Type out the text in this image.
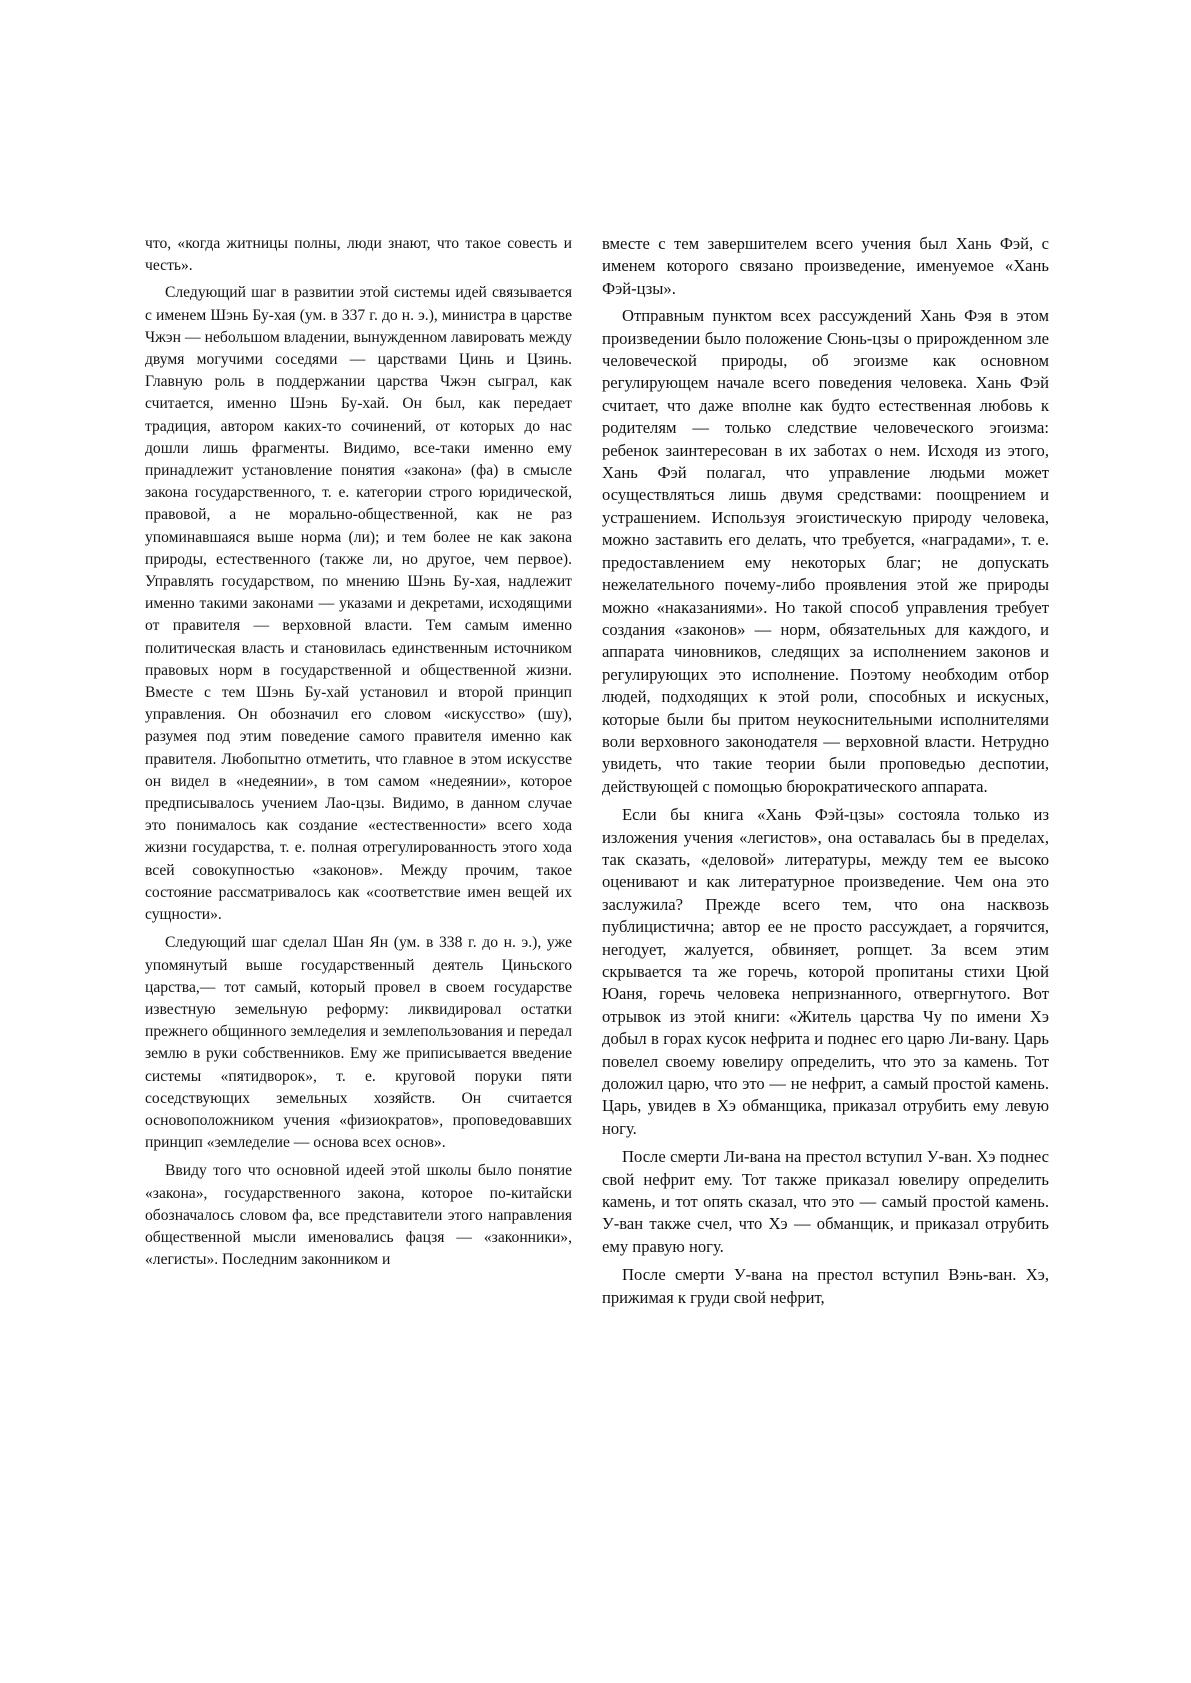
что, «когда житницы полны, люди знают, что такое совесть и честь».

Следующий шаг в развитии этой системы идей связывается с именем Шэнь Бу-хая (ум. в 337 г. до н. э.), министра в царстве Чжэн — небольшом владении, вынужденном лавировать между двумя могучими соседями — царствами Цинь и Цзинь. Главную роль в поддержании царства Чжэн сыграл, как считается, именно Шэнь Бу-хай. Он был, как передает традиция, автором каких-то сочинений, от которых до нас дошли лишь фрагменты. Видимо, все-таки именно ему принадлежит установление понятия «закона» (фа) в смысле закона государственного, т. е. категории строго юридической, правовой, а не морально-общественной, как не раз упоминавшаяся выше норма (ли); и тем более не как закона природы, естественного (также ли, но другое, чем первое). Управлять государством, по мнению Шэнь Бу-хая, надлежит именно такими законами — указами и декретами, исходящими от правителя — верховной власти. Тем самым именно политическая власть и становилась единственным источником правовых норм в государственной и общественной жизни. Вместе с тем Шэнь Бу-хай установил и второй принцип управления. Он обозначил его словом «искусство» (шу), разумея под этим поведение самого правителя именно как правителя. Любопытно отметить, что главное в этом искусстве он видел в «недеянии», в том самом «недеянии», которое предписывалось учением Лао-цзы. Видимо, в данном случае это понималось как создание «естественности» всего хода жизни государства, т. е. полная отрегулированность этого хода всей совокупностью «законов». Между прочим, такое состояние рассматривалось как «соответствие имен вещей их сущности».

Следующий шаг сделал Шан Ян (ум. в 338 г. до н. э.), уже упомянутый выше государственный деятель Циньского царства,— тот самый, который провел в своем государстве известную земельную реформу: ликвидировал остатки прежнего общинного земледелия и землепользования и передал землю в руки собственников. Ему же приписывается введение системы «пятидворок», т. е. круговой поруки пяти соседствующих земельных хозяйств. Он считается основоположником учения «физиократов», проповедовавших принцип «земледелие — основа всех основ».

Ввиду того что основной идеей этой школы было понятие «закона», государственного закона, которое по-китайски обозначалось словом фа, все представители этого направления общественной мысли именовались фацзя — «законники», «легисты». Последним законником и

вместе с тем завершителем всего учения был Хань Фэй, с именем которого связано произведение, именуемое «Хань Фэй-цзы».

Отправным пунктом всех рассуждений Хань Фэя в этом произведении было положение Сюнь-цзы о прирожденном зле человеческой природы, об эгоизме как основном регулирующем начале всего поведения человека. Хань Фэй считает, что даже вполне как будто естественная любовь к родителям — только следствие человеческого эгоизма: ребенок заинтересован в их заботах о нем. Исходя из этого, Хань Фэй полагал, что управление людьми может осуществляться лишь двумя средствами: поощрением и устрашением. Используя эгоистическую природу человека, можно заставить его делать, что требуется, «наградами», т. е. предоставлением ему некоторых благ; не допускать нежелательного почему-либо проявления этой же природы можно «наказаниями». Но такой способ управления требует создания «законов» — норм, обязательных для каждого, и аппарата чиновников, следящих за исполнением законов и регулирующих это исполнение. Поэтому необходим отбор людей, подходящих к этой роли, способных и искусных, которые были бы притом неукоснительными исполнителями воли верховного законодателя — верховной власти. Нетрудно увидеть, что такие теории были проповедью деспотии, действующей с помощью бюрократического аппарата.

Если бы книга «Хань Фэй-цзы» состояла только из изложения учения «легистов», она оставалась бы в пределах, так сказать, «деловой» литературы, между тем ее высоко оценивают и как литературное произведение. Чем она это заслужила? Прежде всего тем, что она насквозь публицистична; автор ее не просто рассуждает, а горячится, негодует, жалуется, обвиняет, ропщет. За всем этим скрывается та же горечь, которой пропитаны стихи Цюй Юаня, горечь человека непризнанного, отвергнутого. Вот отрывок из этой книги: «Житель царства Чу по имени Хэ добыл в горах кусок нефрита и поднес его царю Ли-вану. Царь повелел своему ювелиру определить, что это за камень. Тот доложил царю, что это — не нефрит, а самый простой камень. Царь, увидев в Хэ обманщика, приказал отрубить ему левую ногу.

После смерти Ли-вана на престол вступил У-ван. Хэ поднес свой нефрит ему. Тот также приказал ювелиру определить камень, и тот опять сказал, что это — самый простой камень. У-ван также счел, что Хэ — обманщик, и приказал отрубить ему правую ногу.

После смерти У-вана на престол вступил Вэнь-ван. Хэ, прижимая к груди свой нефрит,
